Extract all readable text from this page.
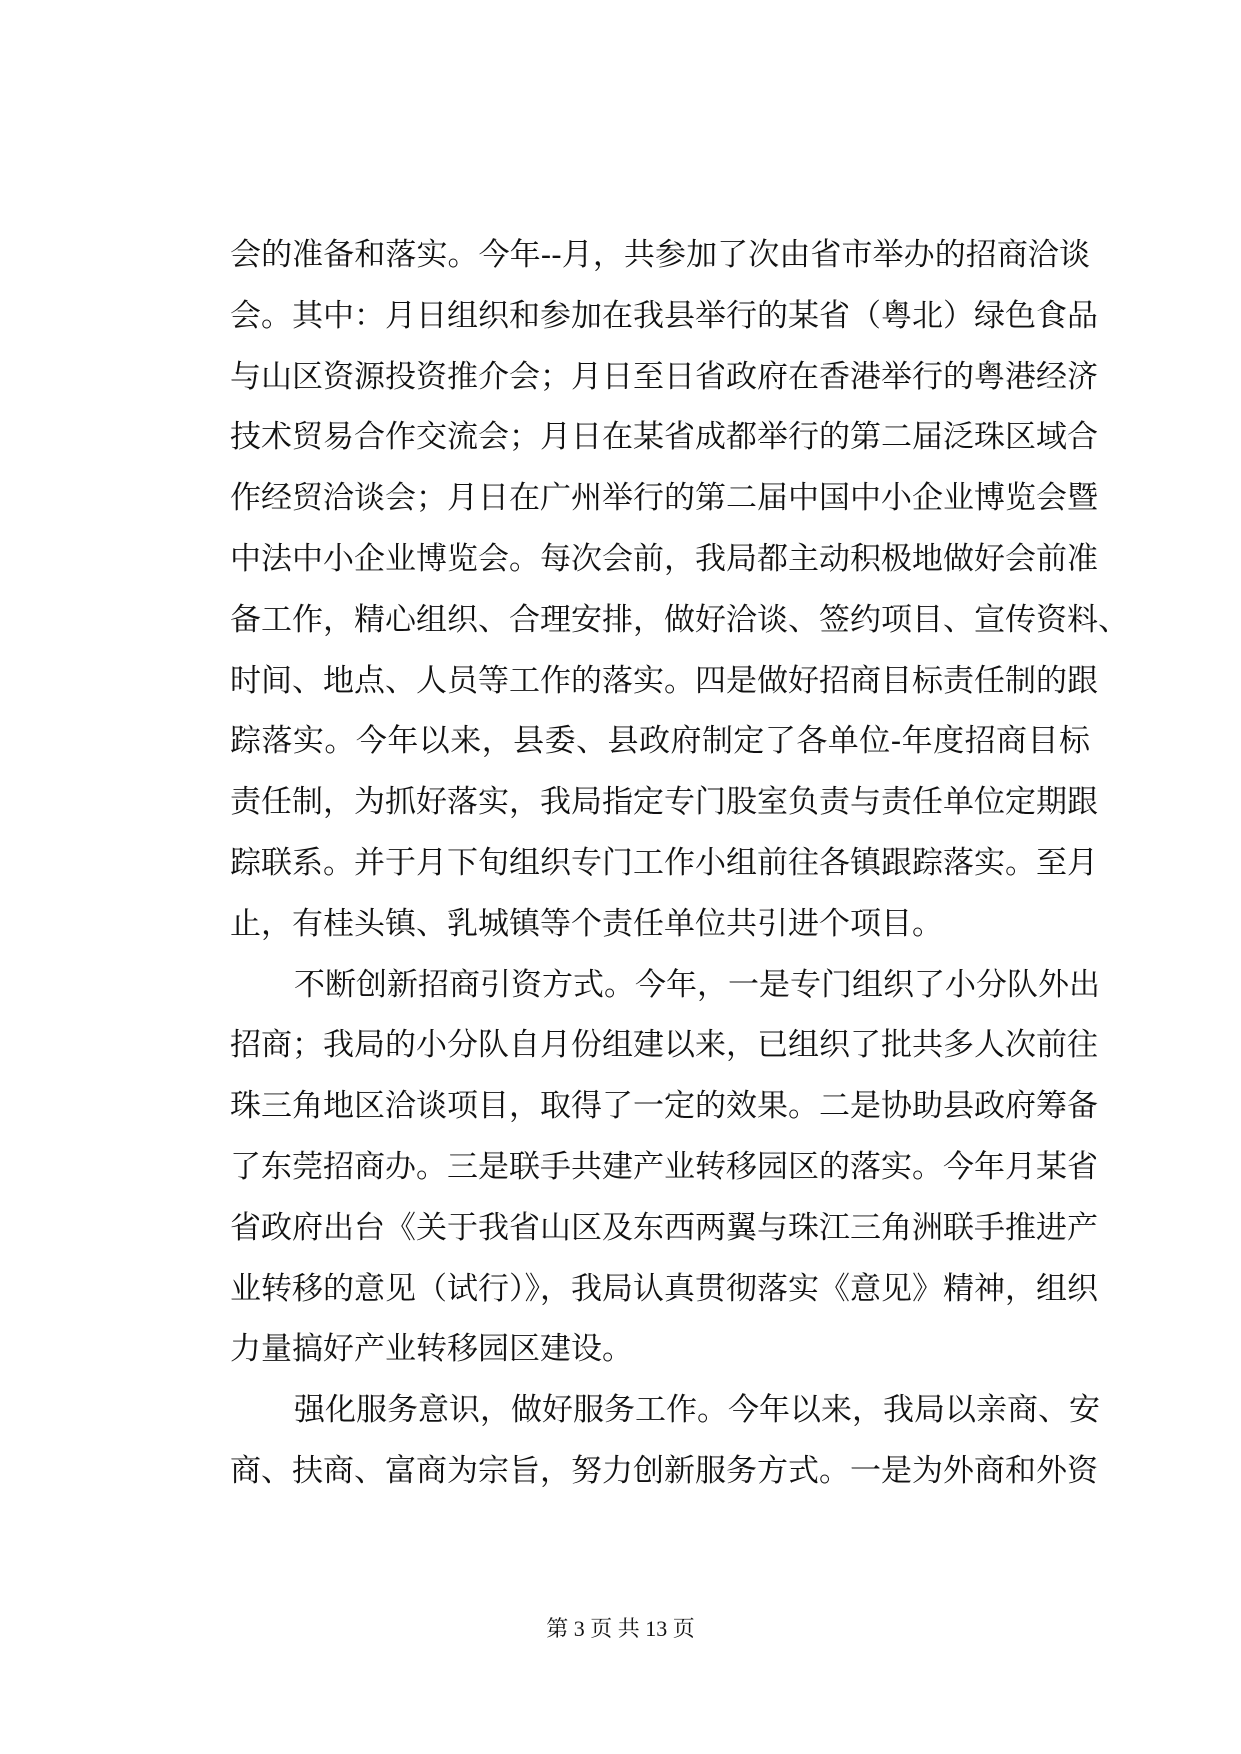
会的准备和落实。今年--月，共参加了次由省市举办的招商洽谈
会。其中：月日组织和参加在我县举行的某省（粤北）绿色食品
与山区资源投资推介会；月日至日省政府在香港举行的粤港经济
技术贸易合作交流会；月日在某省成都举行的第二届泛珠区域合
作经贸洽谈会；月日在广州举行的第二届中国中小企业博览会暨
中法中小企业博览会。每次会前，我局都主动积极地做好会前准
备工作，精心组织、合理安排，做好洽谈、签约项目、宣传资料、
时间、地点、人员等工作的落实。四是做好招商目标责任制的跟
踪落实。今年以来，县委、县政府制定了各单位-年度招商目标
责任制，为抓好落实，我局指定专门股室负责与责任单位定期跟
踪联系。并于月下旬组织专门工作小组前往各镇跟踪落实。至月
止，有桂头镇、乳城镇等个责任单位共引进个项目。
不断创新招商引资方式。今年，一是专门组织了小分队外出
招商；我局的小分队自月份组建以来，已组织了批共多人次前往
珠三角地区洽谈项目，取得了一定的效果。二是协助县政府筹备
了东莞招商办。三是联手共建产业转移园区的落实。今年月某省
省政府出台《关于我省山区及东西两翼与珠江三角洲联手推进产
业转移的意见（试行）》，我局认真贯彻落实《意见》精神，组织
力量搞好产业转移园区建设。
强化服务意识，做好服务工作。今年以来，我局以亲商、安
商、扶商、富商为宗旨，努力创新服务方式。一是为外商和外资
第 3 页 共 13 页
